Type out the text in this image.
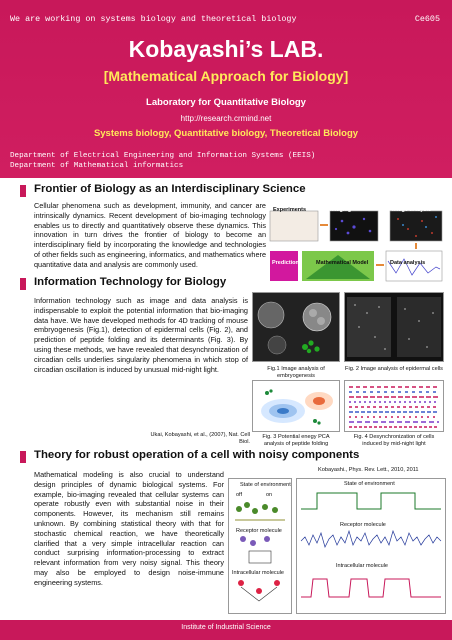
We are working on systems biology and theoretical biology	Ce605
Kobayashi’s LAB.
[Mathematical Approach for Biology]
Laboratory for Quantitative Biology
http://research.crmind.net
Systems biology, Quantitative biology, Theoretical Biology
Department of Electrical Engineering and Information Systems (EEIS)
Department of Mathematical informatics
Frontier of Biology as an Interdisciplinary Science
Cellular phenomena such as development, immunity, and cancer are intrinsically dynamics. Recent development of bio-imaging technology enables us to directly and quantitatively observe these dynamics. This innovation in turn drives the frontier of biology to become an interdisciplinary field by incorporating the knowledge and technologies of other fields such as engineering, informatics, and mathematics where quantitative data and analysis are commonly used.
Experiments	Imaging	Image analysis
Prediction	Mathematical Model	Data analysis
Information Technology for Biology
Information technology such as image and data analysis is indispensable to exploit the potential information that bio-imaging data have. We have developed methods for 4D tracking of mouse embryogenesis (Fig.1), detection of epidermal cells (Fig. 2), and prediction of peptide folding and its determinants (Fig. 3). By using these methods, we have revealed that desynchronization of circadian cells underlies singularity phenomena in which stop of circadian oscillation is induced by unusual mid-night light.
Ukai, Kobayashi, et al., (2007), Nat. Cell Biol.
Fig.1 Image analysis of embryogenesis
Fig. 2 Image analysis of epidermal cells
Fig. 3 Potential enegy PCA analysis of peptide folding
Fig. 4 Desynchronization of cells induced by mid-night light
Theory for robust operation of a cell with noisy components
Mathematical modeling is also crucial to understand design principles of dynamic biological systems. For example, bio-imaging revealed that cellular systems can operate robustly even with substantial noise in their components. However, its mechanism still remains unknown. By combining statistical theory with that for stochastic chemical reaction, we have theoretically clarified that a very simple intracellular reaction can conduct surprising information-processing to extract relevant information from very noisy signal. This theory may also be employed to design noise-immune engineering systems.
Kobayashi., Phys. Rev. Lett., 2010, 2011
State of environment
off	on
Receptor molecule
Intracellular molecule
State of environment
Receptor molecule
Intracellular molecule
Institute of Industrial Science
